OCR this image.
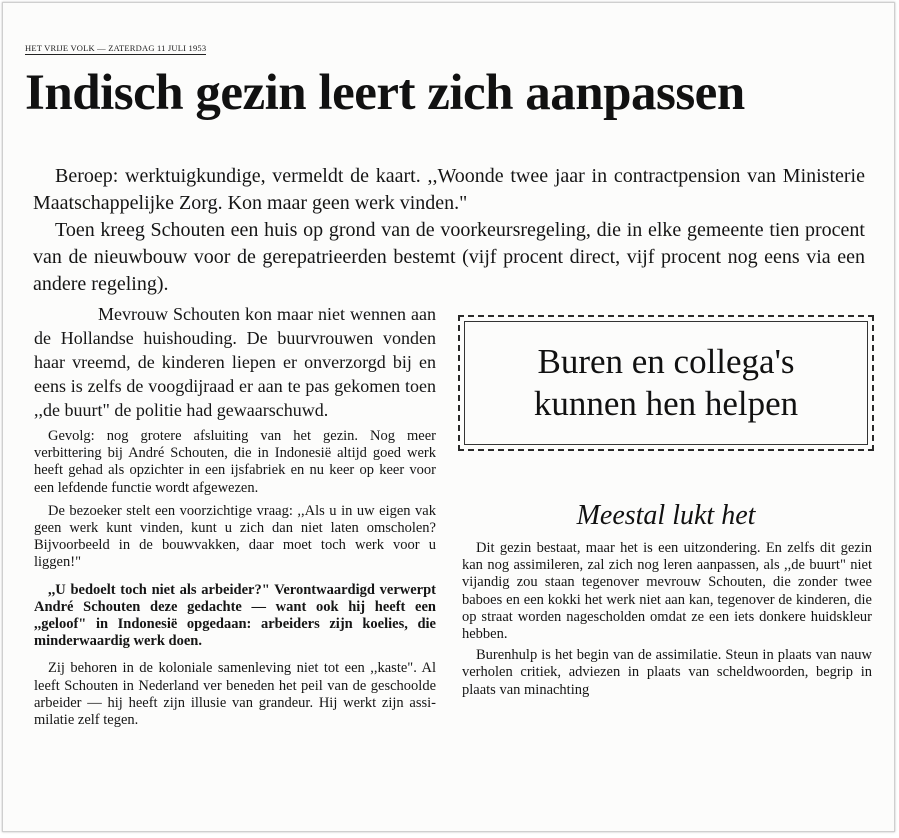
HET VRIJE VOLK — ZATERDAG 11 JULI 1953
Indisch gezin leert zich aanpassen

Beroep: werktuigkundige, vermeldt de kaart. ,,Woonde twee jaar in contractpension van Ministerie Maatschappelijke Zorg. Kon maar geen werk vinden."

Toen kreeg Schouten een huis op grond van de voorkeursregeling, die in elke gemeente tien procent van de nieuwbouw voor de gerepatrieerden bestemt (vijf procent direct, vijf procent nog eens via een andere regeling).

Mevrouw Schouten kon maar niet wennen aan de Hollandse huishouding. De buurvrouwen vonden haar vreemd, de kinderen liepen er onverzorgd bij en eens is zelfs de voogdijraad er aan te pas gekomen toen ,,de buurt" de politie had gewaarschuwd.

Gevolg: nog grotere afsluiting van het gezin. Nog meer verbittering bij André Schouten, die in Indonesië altijd goed werk heeft gehad als opzichter in een ijsfabriek en nu keer op keer voor een lefdende functie wordt afgewezen.

De bezoeker stelt een voorzichtige vraag: ,,Als u in uw eigen vak geen werk kunt vinden, kunt u zich dan niet laten omscholen? Bijvoorbeeld in de bouwvakken, daar moet toch werk voor u liggen!"

,,U bedoelt toch niet als arbeider?" Verontwaardigd verwerpt André Schouten deze gedachte — want ook hij heeft een ,,geloof" in Indonesië opgedaan: arbeiders zijn koelies, die minderwaardig werk doen.

Zij behoren in de koloniale samenleving niet tot een ,,kaste". Al leeft Schouten in Nederland ver beneden het peil van de geschoolde arbeider — hij heeft zijn illusie van grandeur. Hij werkt zijn assimilatie zelf tegen.

Buren en collega's
kunnen hen helpen
Meestal lukt het

Dit gezin bestaat, maar het is een uitzondering. En zelfs dit gezin kan nog assimileren, zal zich nog leren aanpassen, als ,,de buurt" niet vijandig zou staan tegenover mevrouw Schouten, die zonder twee baboes en een kokki het werk niet aan kan, tegenover de kinderen, die op straat worden nagescholden omdat ze een iets donkere huidskleur hebben.

Burenhulp is het begin van de assimilatie. Steun in plaats van nauw verholen critiek, adviezen in plaats van scheldwoorden, begrip in plaats van minachting
